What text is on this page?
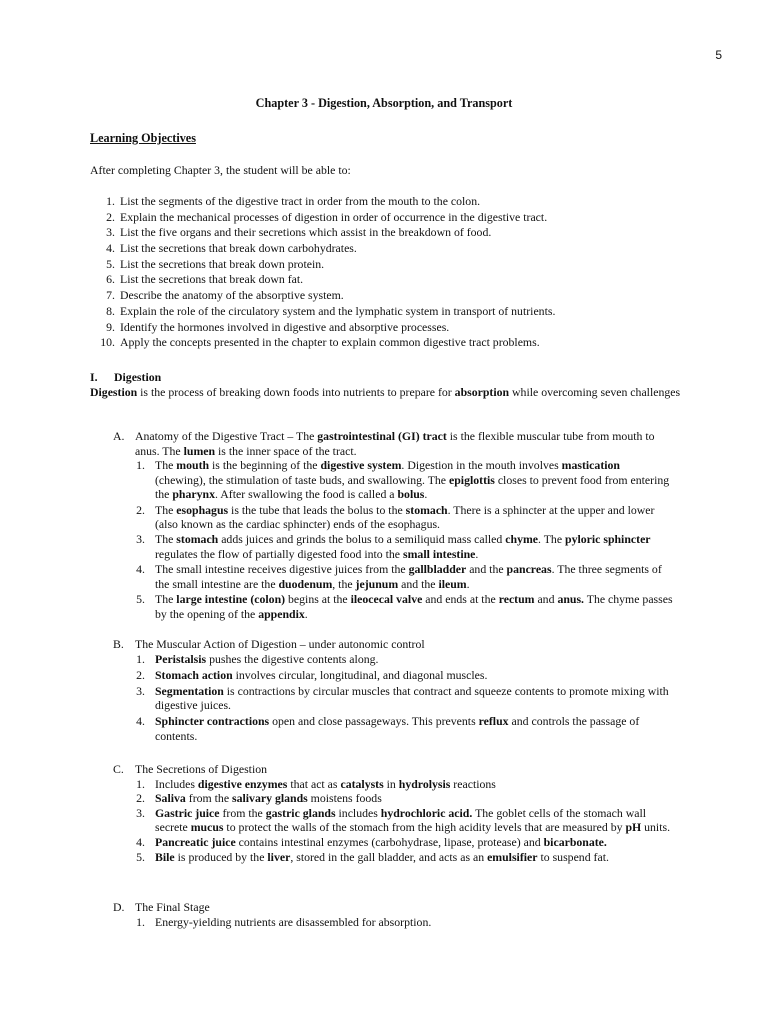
5
Chapter 3 - Digestion, Absorption, and Transport
Learning Objectives
After completing Chapter 3, the student will be able to:
1. List the segments of the digestive tract in order from the mouth to the colon.
2. Explain the mechanical processes of digestion in order of occurrence in the digestive tract.
3. List the five organs and their secretions which assist in the breakdown of food.
4. List the secretions that break down carbohydrates.
5. List the secretions that break down protein.
6. List the secretions that break down fat.
7. Describe the anatomy of the absorptive system.
8. Explain the role of the circulatory system and the lymphatic system in transport of nutrients.
9. Identify the hormones involved in digestive and absorptive processes.
10. Apply the concepts presented in the chapter to explain common digestive tract problems.
I. Digestion
Digestion is the process of breaking down foods into nutrients to prepare for absorption while overcoming seven challenges
A. Anatomy of the Digestive Tract – The gastrointestinal (GI) tract is the flexible muscular tube from mouth to anus. The lumen is the inner space of the tract.
1. The mouth is the beginning of the digestive system. Digestion in the mouth involves mastication (chewing), the stimulation of taste buds, and swallowing. The epiglottis closes to prevent food from entering the pharynx. After swallowing the food is called a bolus.
2. The esophagus is the tube that leads the bolus to the stomach. There is a sphincter at the upper and lower (also known as the cardiac sphincter) ends of the esophagus.
3. The stomach adds juices and grinds the bolus to a semiliquid mass called chyme. The pyloric sphincter regulates the flow of partially digested food into the small intestine.
4. The small intestine receives digestive juices from the gallbladder and the pancreas. The three segments of the small intestine are the duodenum, the jejunum and the ileum.
5. The large intestine (colon) begins at the ileocecal valve and ends at the rectum and anus. The chyme passes by the opening of the appendix.
B. The Muscular Action of Digestion – under autonomic control
1. Peristalsis pushes the digestive contents along.
2. Stomach action involves circular, longitudinal, and diagonal muscles.
3. Segmentation is contractions by circular muscles that contract and squeeze contents to promote mixing with digestive juices.
4. Sphincter contractions open and close passageways. This prevents reflux and controls the passage of contents.
C. The Secretions of Digestion
1. Includes digestive enzymes that act as catalysts in hydrolysis reactions
2. Saliva from the salivary glands moistens foods
3. Gastric juice from the gastric glands includes hydrochloric acid. The goblet cells of the stomach wall secrete mucus to protect the walls of the stomach from the high acidity levels that are measured by pH units.
4. Pancreatic juice contains intestinal enzymes (carbohydrase, lipase, protease) and bicarbonate.
5. Bile is produced by the liver, stored in the gall bladder, and acts as an emulsifier to suspend fat.
D. The Final Stage
1. Energy-yielding nutrients are disassembled for absorption.
